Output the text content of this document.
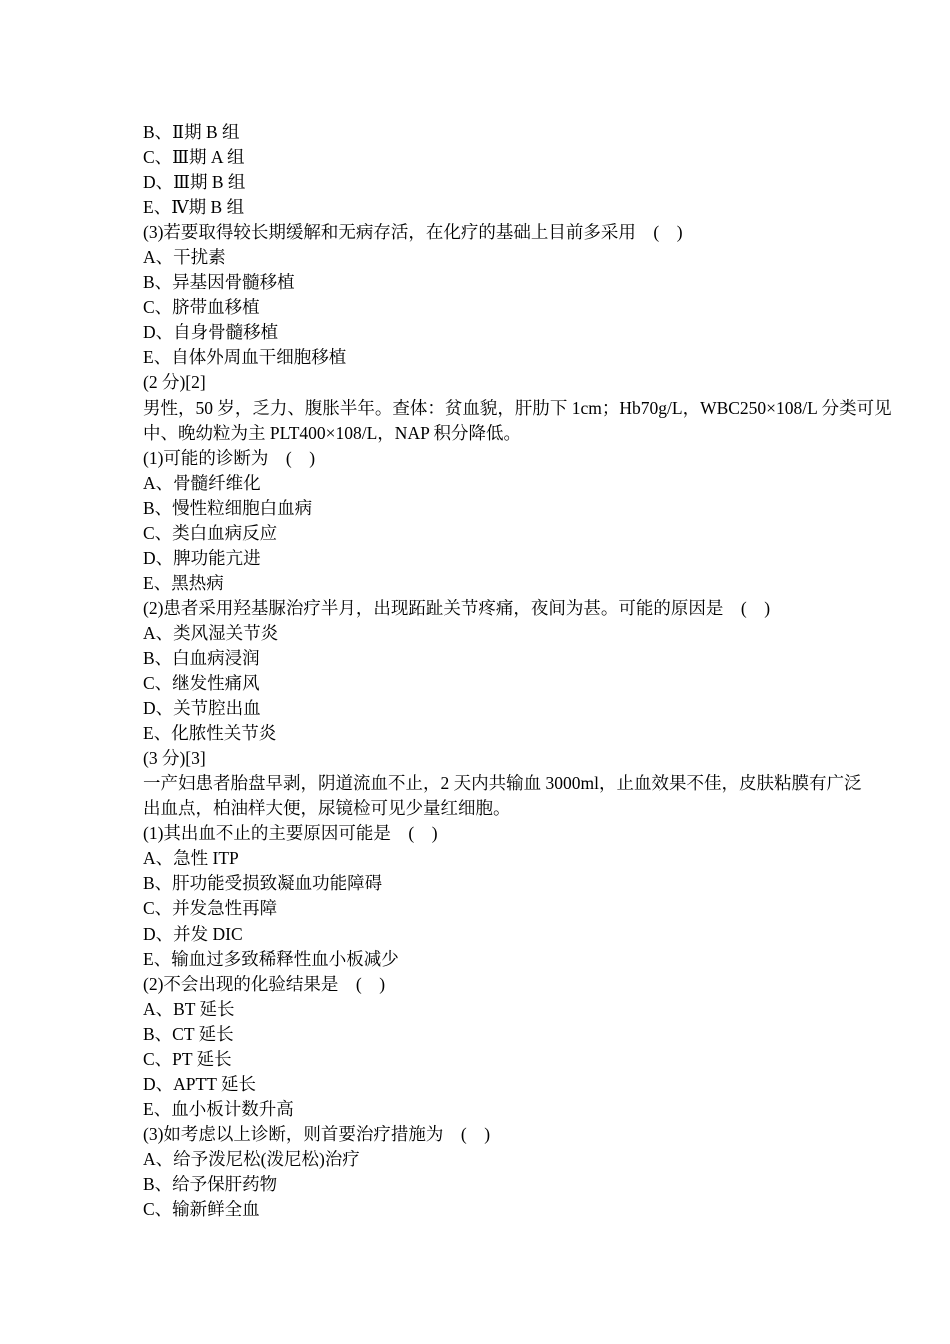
B、Ⅱ期 B 组
C、Ⅲ期 A 组
D、Ⅲ期 B 组
E、Ⅳ期 B 组
(3)若要取得较长期缓解和无病存活，在化疗的基础上目前多采用　(　)
A、干扰素
B、异基因骨髓移植
C、脐带血移植
D、自身骨髓移植
E、自体外周血干细胞移植
(2 分)[2]
男性，50 岁，乏力、腹胀半年。查体：贫血貌，肝肋下 1cm；Hb70g/L，WBC250×108/L 分类可见
中、晚幼粒为主 PLT400×108/L，NAP 积分降低。
(1)可能的诊断为　(　)
A、骨髓纤维化
B、慢性粒细胞白血病
C、类白血病反应
D、脾功能亢进
E、黑热病
(2)患者采用羟基脲治疗半月，出现跖趾关节疼痛，夜间为甚。可能的原因是　(　)
A、类风湿关节炎
B、白血病浸润
C、继发性痛风
D、关节腔出血
E、化脓性关节炎
(3 分)[3]
一产妇患者胎盘早剥，阴道流血不止，2 天内共输血 3000ml，止血效果不佳，皮肤粘膜有广泛
出血点，柏油样大便，尿镜检可见少量红细胞。
(1)其出血不止的主要原因可能是　(　)
A、急性 ITP
B、肝功能受损致凝血功能障碍
C、并发急性再障
D、并发 DIC
E、输血过多致稀释性血小板减少
(2)不会出现的化验结果是　(　)
A、BT 延长
B、CT 延长
C、PT 延长
D、APTT 延长
E、血小板计数升高
(3)如考虑以上诊断，则首要治疗措施为　(　)
A、给予泼尼松(泼尼松)治疗
B、给予保肝药物
C、输新鲜全血
